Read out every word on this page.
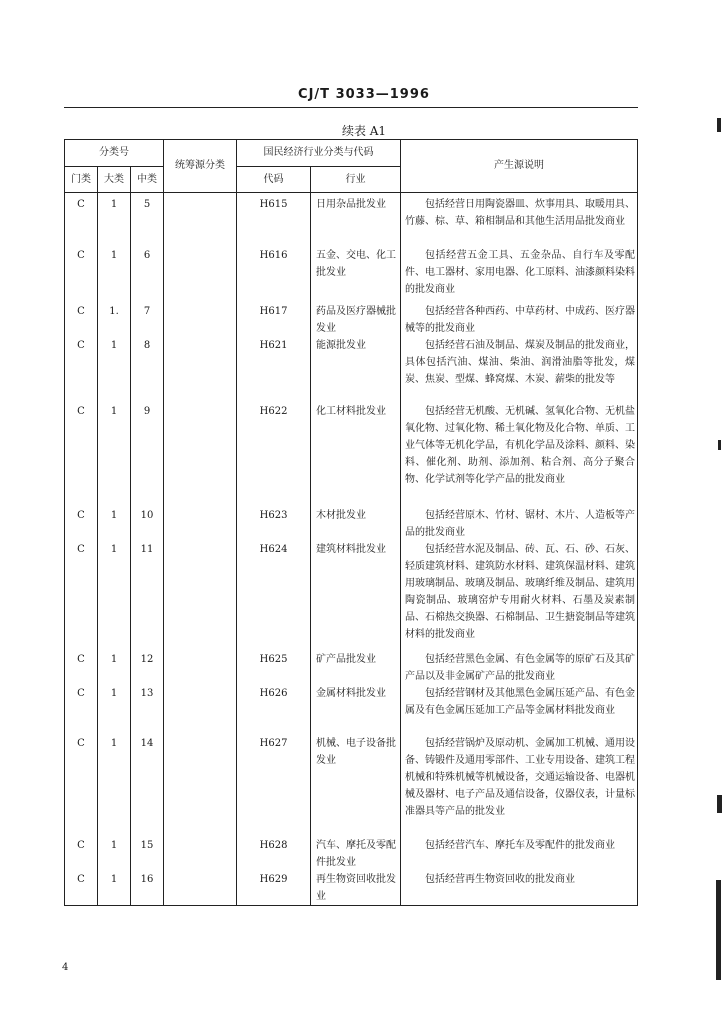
CJ/T 3033—1996
续表 A1
分类号			统筹源分类	国民经济行业分类与代码		产生源说明
门类	大类	中类		代码	行业	
C	1	5		H615	日用杂品批发业	包括经营日用陶瓷器皿、炊事用具、取暖用具、竹藤、棕、草、箱相制品和其他生活用品批发商业

C	1	6		H616	五金、交电、化工批发业	包括经营五金工具、五金杂品、自行车及零配件、电工器材、家用电器、化工原料、油漆颜料染料的批发商业

C	1.	7		H617	药品及医疗器械批发业	包括经营各种西药、中草药材、中成药、医疗器械等的批发商业

C	1	8		H621	能源批发业	包括经营石油及制品、煤炭及制品的批发商业，具体包括汽油、煤油、柴油、润滑油脂等批发，煤炭、焦炭、型煤、蜂窝煤、木炭、薪柴的批发等

C	1	9		H622	化工材料批发业	包括经营无机酸、无机碱、氢氧化合物、无机盐氧化物、过氧化物、稀土氧化物及化合物、单质、工业气体等无机化学品，有机化学品及涂料、颜料、染料、催化剂、助剂、添加剂、粘合剂、高分子聚合物、化学试剂等化学产品的批发商业

C	1	10		H623	木材批发业	包括经营原木、竹材、锯材、木片、人造板等产品的批发商业

C	1	11		H624	建筑材料批发业	包括经营水泥及制品、砖、瓦、石、砂、石灰、轻质建筑材料、建筑防水材料、建筑保温材料、建筑用玻璃制品、玻璃及制品、玻璃纤维及制品、建筑用陶瓷制品、玻璃窑炉专用耐火材料、石墨及炭素制品、石棉热交换器、石棉制品、卫生搪瓷制品等建筑材料的批发商业

C	1	12		H625	矿产品批发业	包括经营黑色金属、有色金属等的原矿石及其矿产品以及非金属矿产品的批发商业

C	1	13		H626	金属材料批发业	包括经营钢材及其他黑色金属压延产品、有色金属及有色金属压延加工产品等金属材料批发商业

C	1	14		H627	机械、电子设备批发业	包括经营锅炉及原动机、金属加工机械、通用设备、铸锻件及通用零部件、工业专用设备、建筑工程机械和特殊机械等机械设备，交通运输设备、电器机械及器材、电子产品及通信设备，仪器仪表，计量标准器具等产品的批发业

C	1	15		H628	汽车、摩托及零配件批发业	包括经营汽车、摩托车及零配件的批发商业

C	1	16		H629	再生物资回收批发业	包括经营再生物资回收的批发商业
4
